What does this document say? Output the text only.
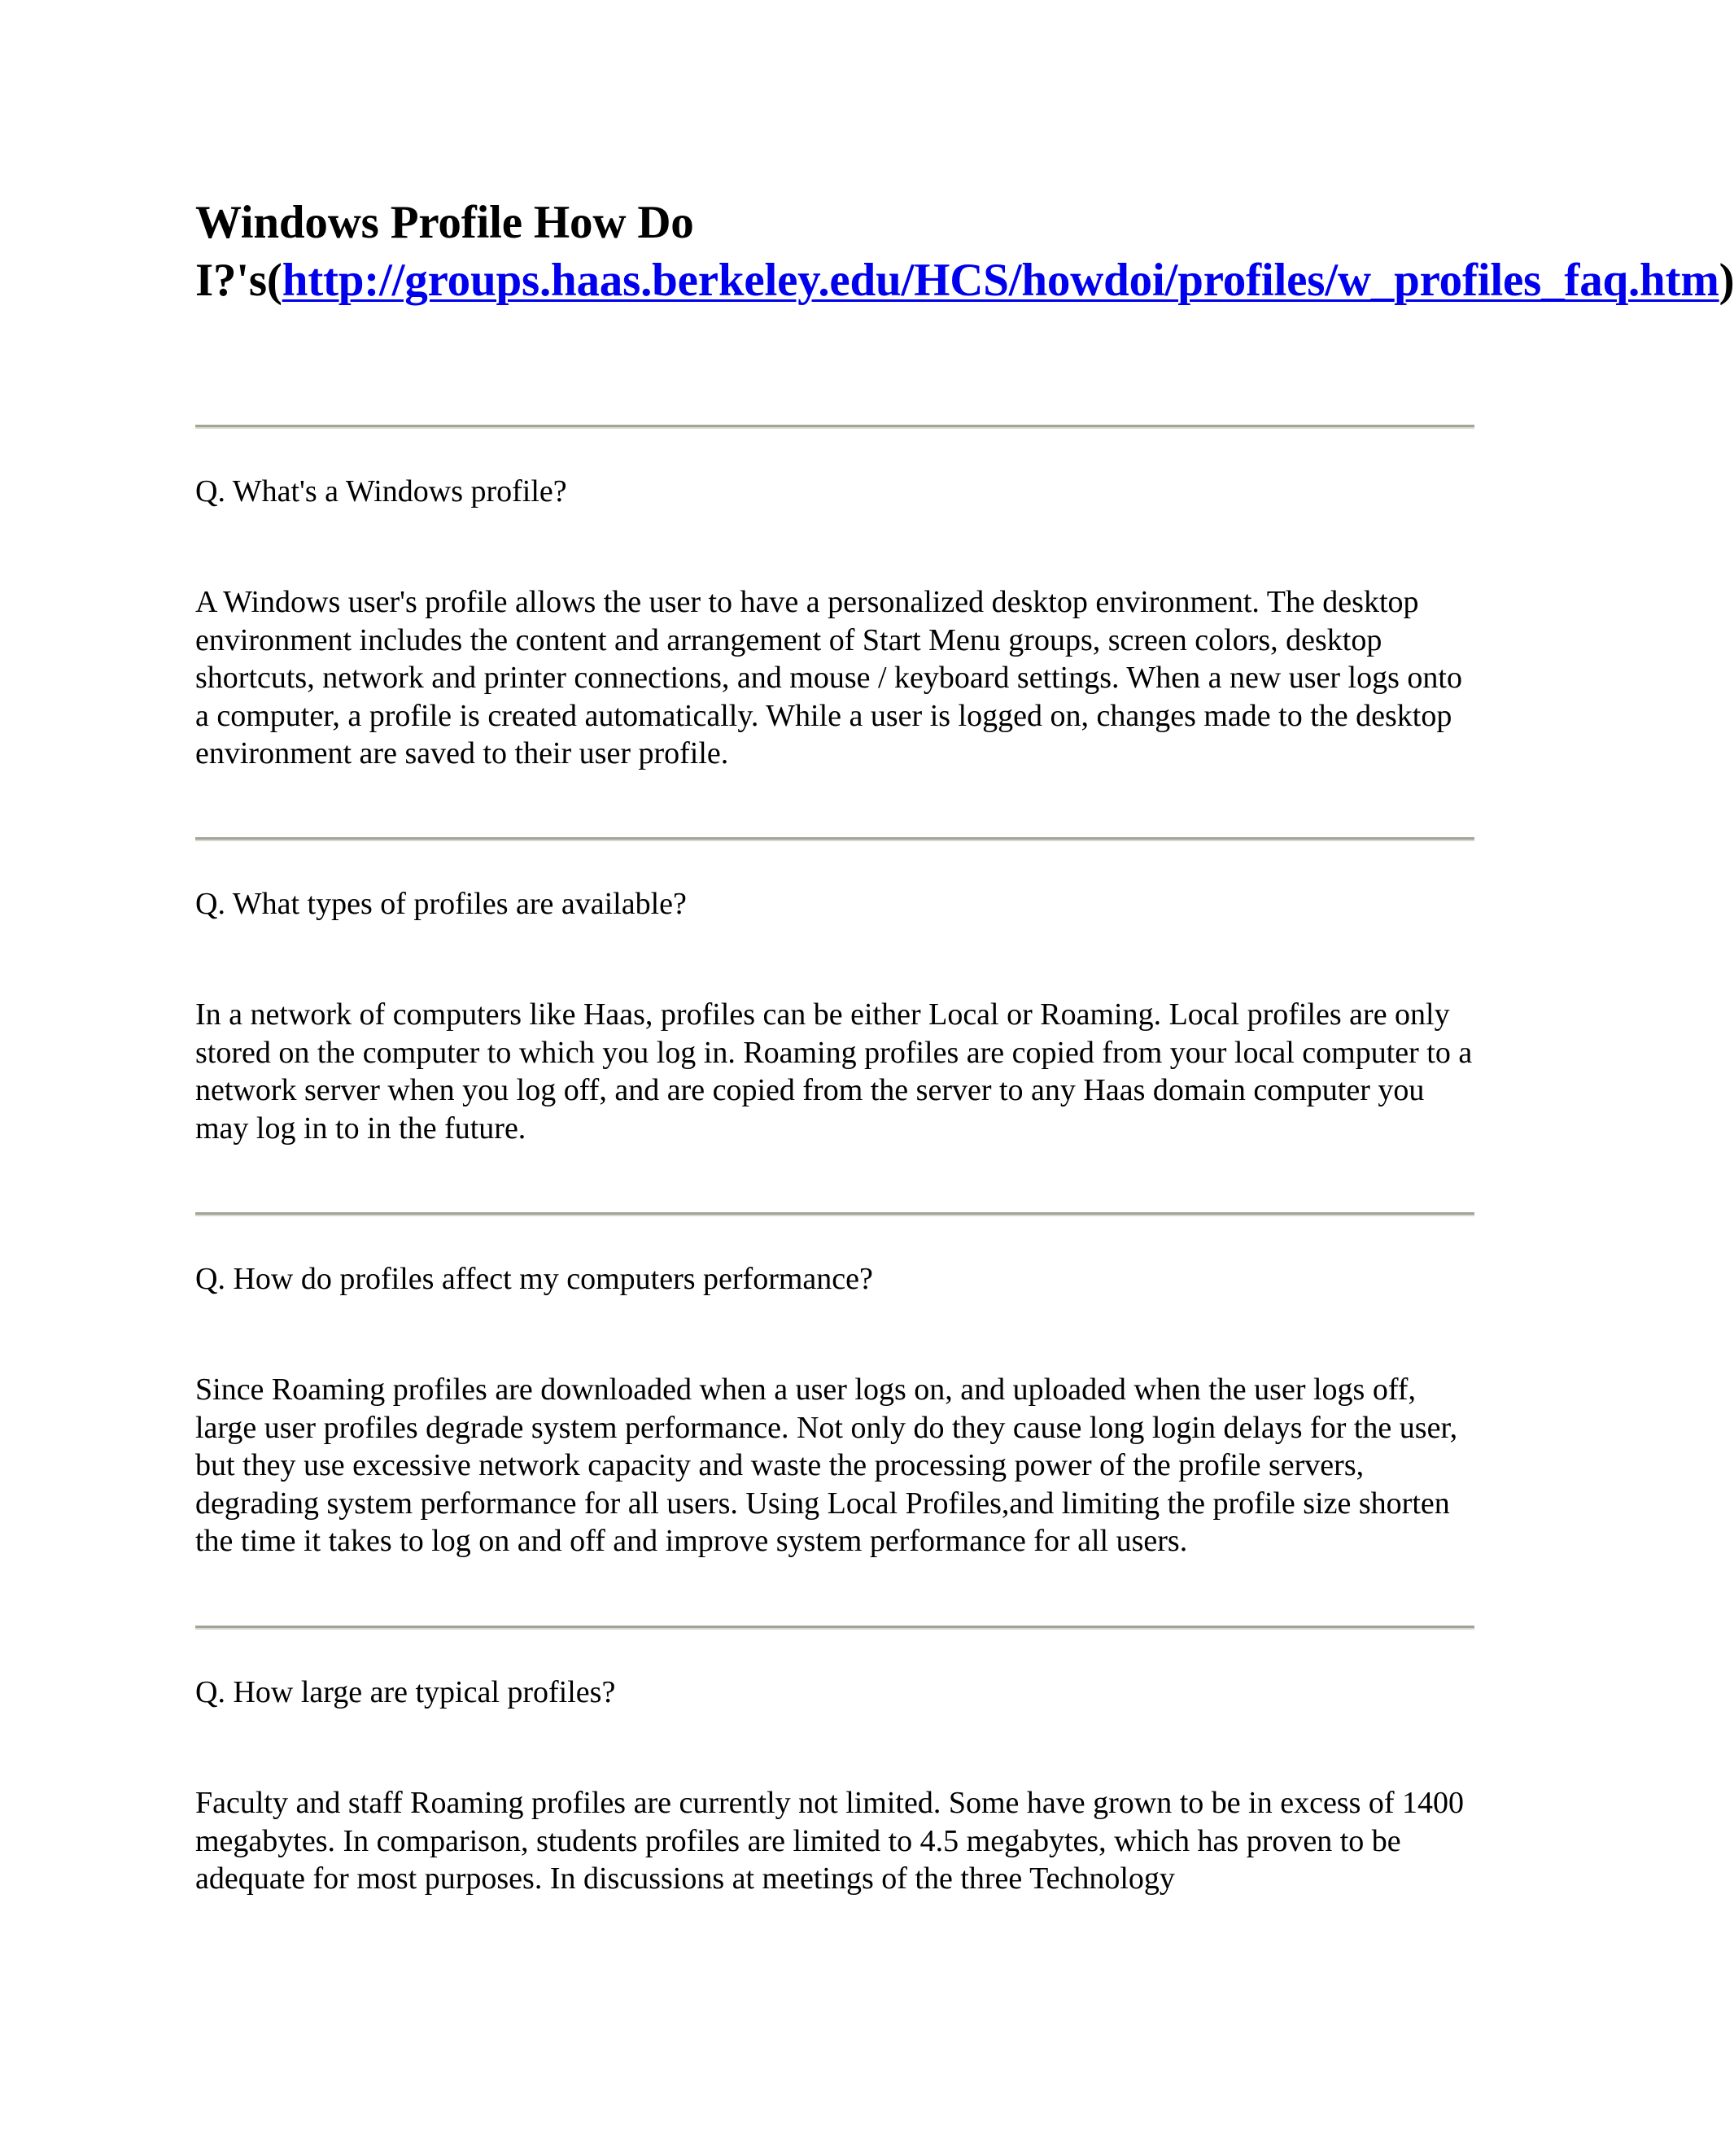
Windows Profile How Do I?'s(http://groups.haas.berkeley.edu/HCS/howdoi/profiles/w_profiles_faq.htm)

Q. What's a Windows profile?

A Windows user's profile allows the user to have a personalized desktop environment. The desktop environment includes the content and arrangement of Start Menu groups, screen colors, desktop shortcuts, network and printer connections, and mouse / keyboard settings. When a new user logs onto a computer, a profile is created automatically. While a user is logged on, changes made to the desktop environment are saved to their user profile.

Q. What types of profiles are available?

In a network of computers like Haas, profiles can be either Local or Roaming. Local profiles are only stored on the computer to which you log in. Roaming profiles are copied from your local computer to a network server when you log off, and are copied from the server to any Haas domain computer you may log in to in the future.

Q. How do profiles affect my computers performance?

Since Roaming profiles are downloaded when a user logs on, and uploaded when the user logs off, large user profiles degrade system performance. Not only do they cause long login delays for the user, but they use excessive network capacity and waste the processing power of the profile servers, degrading system performance for all users. Using Local Profiles,and limiting the profile size shorten the time it takes to log on and off and improve system performance for all users.

Q. How large are typical profiles?

Faculty and staff Roaming profiles are currently not limited. Some have grown to be in excess of 1400 megabytes. In comparison, students profiles are limited to 4.5 megabytes, which has proven to be adequate for most purposes. In discussions at meetings of the three Technology
